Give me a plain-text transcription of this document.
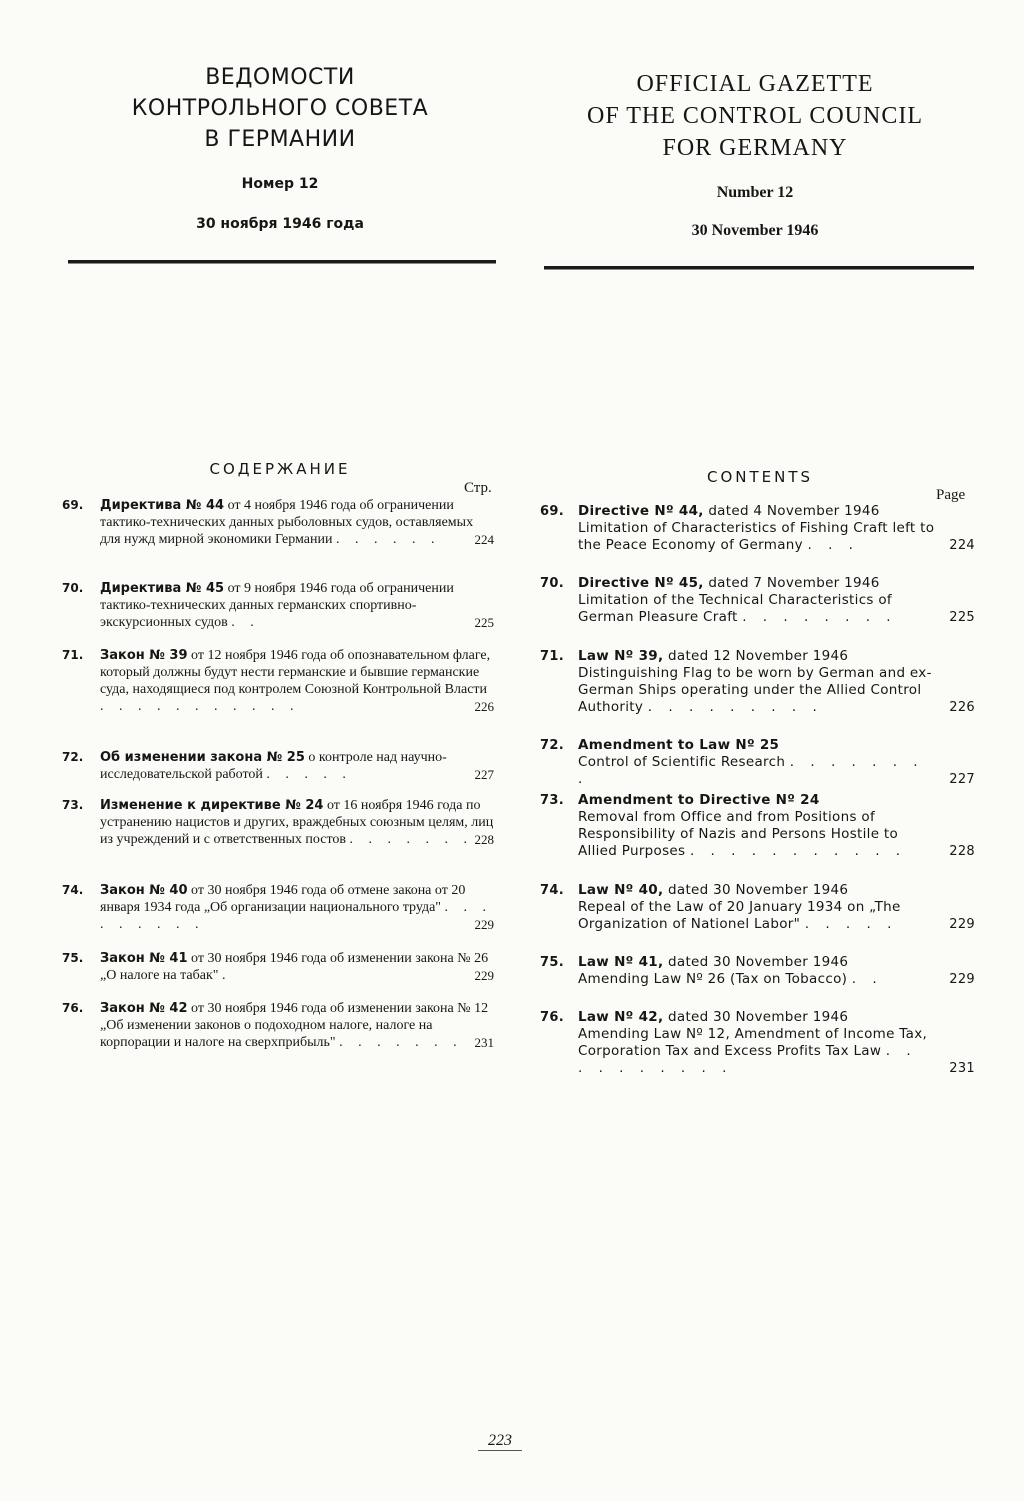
ВЕДОМОСТИ
КОНТРОЛЬНОГО СОВЕТА
В ГЕРМАНИИ
Номер 12
30 ноября 1946 года
OFFICIAL GAZETTE
OF THE CONTROL COUNCIL
FOR GERMANY
Number 12
30 November 1946
СОДЕРЖАНИЕ
Стр.
CONTENTS
Page
69.	Директива № 44 от 4 ноября 1946 года об ограничении тактико-технических данных рыболовных судов, оставляемых для нужд мирной экономики Германии . . . . . .	224
70.	Директива № 45 от 9 ноября 1946 года об ограничении тактико-технических данных германских спортивно-экскурсионных судов . .	225
71.	Закон № 39 от 12 ноября 1946 года об опознавательном флаге, который должны будут нести германские и бывшие германские суда, находящиеся под контролем Союзной Контрольной Власти . . . . . . . . . . .	226
72.	Об изменении закона № 25 о контроле над научно-исследовательской работой . . . . .	227
73.	Изменение к директиве № 24 от 16 ноября 1946 года по устранению нацистов и других, враждебных союзным целям, лиц из учреждений и с ответственных постов . . . . . . . 228
74.	Закон № 40 от 30 ноября 1946 года об отмене закона от 20 января 1934 года „Об организации национального труда" . . . . . . . . .	229
75.	Закон № 41 от 30 ноября 1946 года об изменении закона № 26 „О налоге на табак" .	229
76.	Закон № 42 от 30 ноября 1946 года об изменении закона № 12 „Об изменении законов о подоходном налоге, налоге на корпорации и налоге на сверхприбыль" . . . . . . . 231
69.	Directive Nº 44, dated 4 November 1946
Limitation of Characteristics of Fishing Craft left to the Peace Economy of Germany . . .	224
70.	Directive Nº 45, dated 7 November 1946
Limitation of the Technical Characteristics of German Pleasure Craft . . . . . . . .	225
71.	Law Nº 39, dated 12 November 1946
Distinguishing Flag to be worn by German and ex-German Ships operating under the Allied Control Authority . . . . . . . . .	226
72.	Amendment to Law Nº 25
Control of Scientific Research . . . . . . . .	227
73.	Amendment to Directive Nº 24
Removal from Office and from Positions of Responsibility of Nazis and Persons Hostile to Allied Purposes . . . . . . . . . . .	228
74.	Law Nº 40, dated 30 November 1946
Repeal of the Law of 20 January 1934 on „The Organization of Nationel Labor" . . . . .	229
75.	Law Nº 41, dated 30 November 1946
Amending Law Nº 26 (Tax on Tobacco) . .	229
76.	Law Nº 42, dated 30 November 1946
Amending Law Nº 12, Amendment of Income Tax, Corporation Tax and Excess Profits Tax Law . . . . . . . . . .	231
223
